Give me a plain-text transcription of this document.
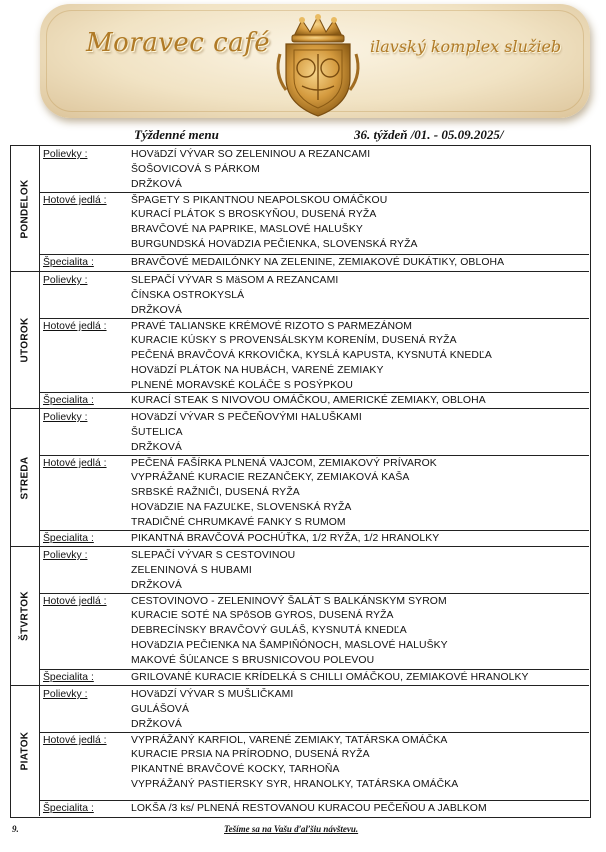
Moravec café	ilavský komplex služieb
Týždenné menu	36. týždeň /01. - 05.09.2025/
PONDELOK
Polievky :	HOVäDZÍ VÝVAR SO ZELENINOU A REZANCAMI
ŠOŠOVICOVÁ S PÁRKOM
DRŽKOVÁ
Hotové jedlá : ŠPAGETY S PIKANTNOU NEAPOLSKOU OMÁČKOU
KURACÍ PLÁTOK S BROSKYŇOU, DUSENÁ RYŽA
BRAVČOVÉ NA PAPRIKE, MASLOVÉ HALUŠKY
BURGUNDSKÁ HOVäDZIA PEČIENKA, SLOVENSKÁ RYŽA
Špecialita :	BRAVČOVÉ MEDAILÓNKY NA ZELENINE, ZEMIAKOVÉ DUKÁTIKY, OBLOHA
UTOROK
Polievky :	SLEPAČÍ VÝVAR S MäSOM A REZANCAMI
ČÍNSKA OSTROKYSLÁ
DRŽKOVÁ
Hotové jedlá : PRAVÉ TALIANSKE KRÉMOVÉ RIZOTO S PARMEZÁNOM
KURACIE KÚSKY S PROVENSÁLSKYM KORENÍM, DUSENÁ RYŽA
PEČENÁ BRAVČOVÁ KRKOVIČKA, KYSLÁ KAPUSTA, KYSNUTÁ KNEDĽA
HOVäDZÍ PLÁTOK NA HUBÁCH, VARENÉ ZEMIAKY
PLNENÉ MORAVSKÉ KOLÁČE S POSÝPKOU
Špecialita :	KURACÍ STEAK S NIVOVOU OMÁČKOU, AMERICKÉ ZEMIAKY, OBLOHA
STREDA
Polievky :	HOVäDZÍ VÝVAR S PEČEŇOVÝMI HALUŠKAMI
ŠUTELICA
DRŽKOVÁ
Hotové jedlá : PEČENÁ FAŠÍRKA PLNENÁ VAJCOM, ZEMIAKOVÝ PRÍVAROK
VYPRÁŽANÉ KURACIE REZANČEKY, ZEMIAKOVÁ KAŠA
SRBSKÉ RAŽNIČI, DUSENÁ RYŽA
HOVäDZIE NA FAZUĽKE, SLOVENSKÁ RYŽA
TRADIČNÉ CHRUMKAVÉ FANKY S RUMOM
Špecialita :	PIKANTNÁ BRAVČOVÁ POCHÚŤKA, 1/2 RYŽA, 1/2 HRANOLKY
ŠTVRTOK
Polievky :	SLEPAČÍ VÝVAR S CESTOVINOU
ZELENINOVÁ S HUBAMI
DRŽKOVÁ
Hotové jedlá : CESTOVINOVO - ZELENINOVÝ ŠALÁT S BALKÁNSKYM SYROM
KURACIE SOTÉ NA SPôSOB GYROS, DUSENÁ RYŽA
DEBRECÍNSKY BRAVČOVÝ GULÁŠ, KYSNUTÁ KNEDĽA
HOVäDZIA PEČIENKA NA ŠAMPIŇÓNOCH, MASLOVÉ HALUŠKY
MAKOVÉ ŠÚĽANCE S BRUSNICOVOU POLEVOU
Špecialita :	GRILOVANÉ KURACIE KRÍDELKÁ S CHILLI OMÁČKOU, ZEMIAKOVÉ HRANOLKY
PIATOK
Polievky :	HOVäDZÍ VÝVAR S MUŠLIČKAMI
GULÁŠOVÁ
DRŽKOVÁ
Hotové jedlá : VYPRÁŽANÝ KARFIOL, VARENÉ ZEMIAKY, TATÁRSKA OMÁČKA
KURACIE PRSIA NA PRÍRODNO, DUSENÁ RYŽA
PIKANTNÉ BRAVČOVÉ KOCKY, TARHOŇA
VYPRÁŽANÝ PASTIERSKY SYR, HRANOLKY, TATÁRSKA OMÁČKA
Špecialita :	LOKŠA /3 ks/ PLNENÁ RESTOVANOU KURACOU PEČEŇOU A JABLKOM
9.	Tešíme sa na Vašu ďaľšiu návštevu.
